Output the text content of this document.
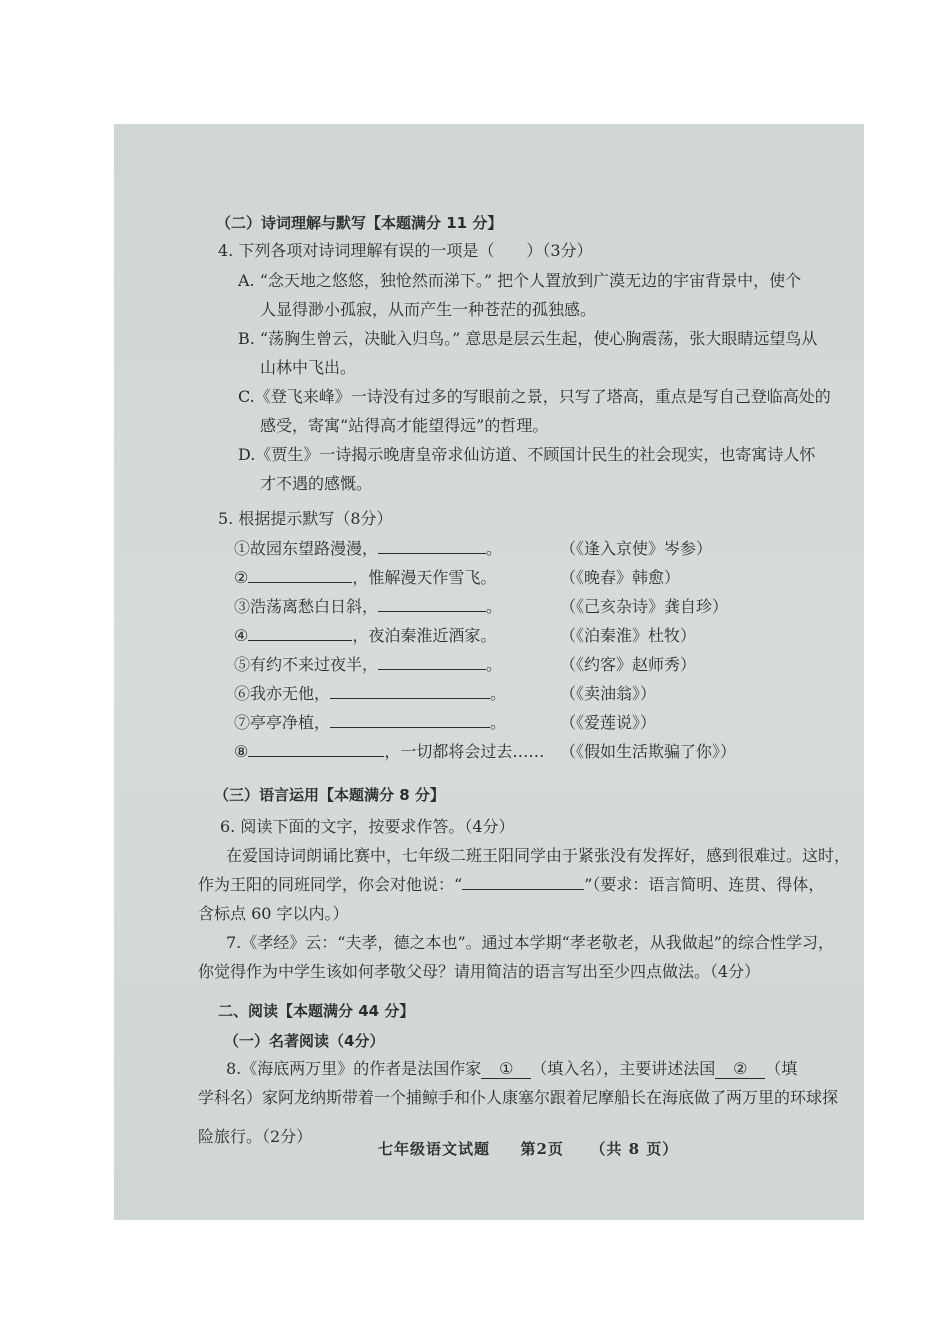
（二）诗词理解与默写【本题满分 11 分】
4. 下列各项对诗词理解有误的一项是（　　）（3分）
A. “念天地之悠悠，独怆然而涕下。” 把个人置放到广漠无边的宇宙背景中，使个
人显得渺小孤寂，从而产生一种苍茫的孤独感。
B. “荡胸生曾云，决眦入归鸟。” 意思是层云生起，使心胸震荡，张大眼睛远望鸟从
山林中飞出。
C.《登飞来峰》一诗没有过多的写眼前之景，只写了塔高，重点是写自己登临高处的
感受，寄寓“站得高才能望得远”的哲理。
D.《贾生》一诗揭示晚唐皇帝求仙访道、不顾国计民生的社会现实，也寄寓诗人怀
才不遇的感慨。
5. 根据提示默写（8分）
①故园东望路漫漫，	。	（《逢入京使》岑参）
②	，惟解漫天作雪飞。	（《晚春》韩愈）
③浩荡离愁白日斜，	。	（《己亥杂诗》龚自珍）
④	，夜泊秦淮近酒家。	（《泊秦淮》杜牧）
⑤有约不来过夜半，	。	（《约客》赵师秀）
⑥我亦无他，	。	（《卖油翁》）
⑦亭亭净植，	。	（《爱莲说》）
⑧	，一切都将会过去…… （《假如生活欺骗了你》）
（三）语言运用【本题满分 8 分】
6. 阅读下面的文字，按要求作答。（4分）
在爱国诗词朗诵比赛中，七年级二班王阳同学由于紧张没有发挥好，感到很难过。这时，
作为王阳的同班同学，你会对他说：“	”（要求：语言简明、连贯、得体，
含标点 60 字以内。）
7.《孝经》云：“夫孝，德之本也”。通过本学期“孝老敬老，从我做起”的综合性学习，
你觉得作为中学生该如何孝敬父母？请用简洁的语言写出至少四点做法。（4分）
二、阅读【本题满分 44 分】
（一）名著阅读（4分）
8.《海底两万里》的作者是法国作家 ① （填入名），主要讲述法国 ② （填
学科名）家阿龙纳斯带着一个捕鲸手和仆人康塞尔跟着尼摩船长在海底做了两万里的环球探
险旅行。（2分）
七年级语文试题 第2页 （共 8 页）
